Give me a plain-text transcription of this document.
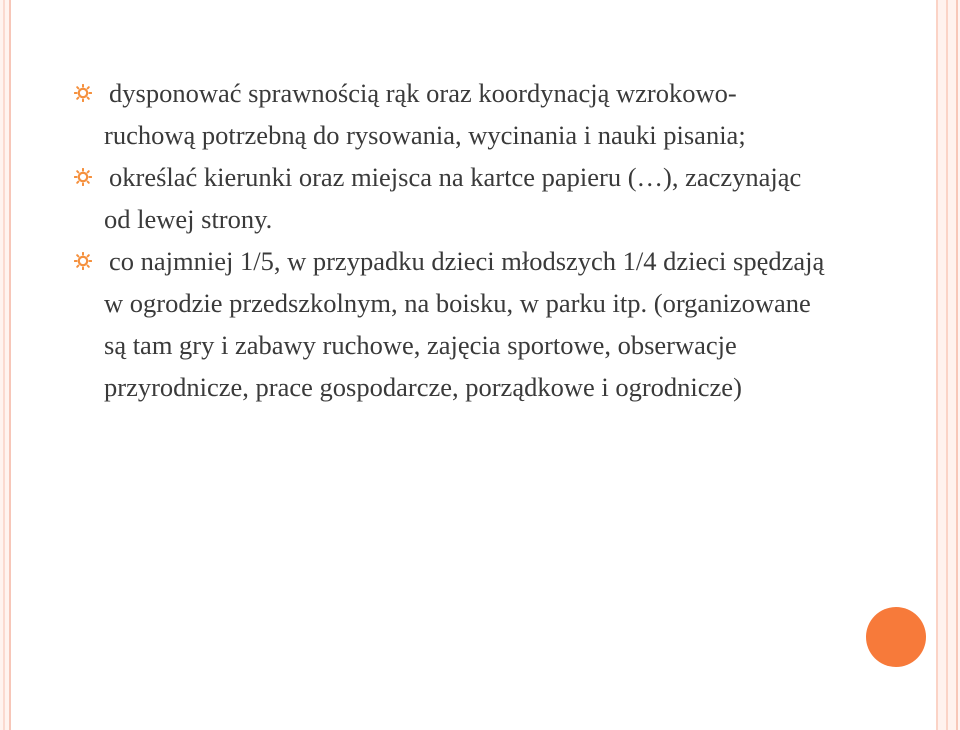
dysponować sprawnością rąk oraz koordynacją wzrokowo- ruchową potrzebną do rysowania, wycinania i nauki pisania;
określać kierunki oraz miejsca na kartce papieru (…), zaczynając od lewej strony.
co najmniej 1/5, w przypadku dzieci młodszych 1/4 dzieci spędzają w ogrodzie przedszkolnym, na boisku, w parku itp. (organizowane są tam gry i zabawy ruchowe, zajęcia sportowe, obserwacje przyrodnicze, prace gospodarcze, porządkowe i ogrodnicze)
